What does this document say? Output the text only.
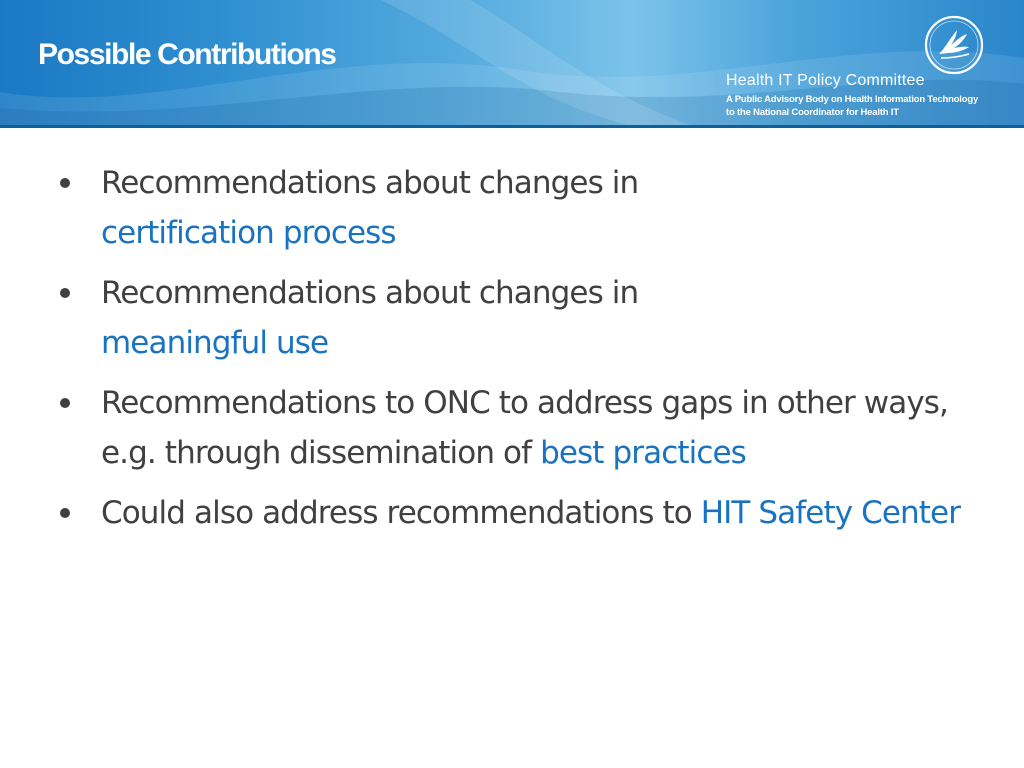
Possible Contributions
Health IT Policy Committee
A Public Advisory Body on Health Information Technology
to the National Coordinator for Health IT
Recommendations about changes in
certification process
Recommendations about changes in
meaningful use
Recommendations to ONC to address gaps in other ways, e.g. through dissemination of best practices
Could also address recommendations to HIT Safety Center
